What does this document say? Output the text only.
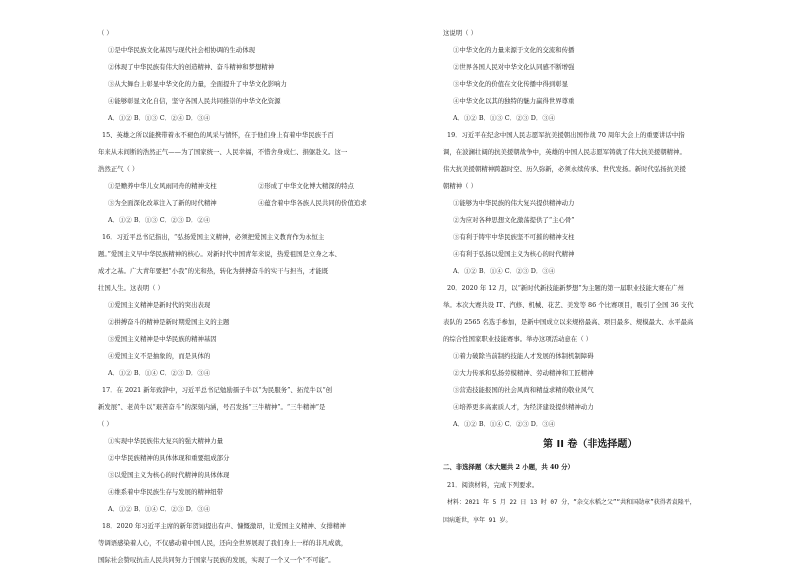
（ ）
①是中华民族文化基因与现代社会相协调的生动体现
②体现了中华民族有伟大的创造精神、奋斗精神和梦想精神
③从大舞台上彰显中华文化的力量，全面提升了中华文化影响力
④能够彰显文化自信，坚守各国人民共同推崇的中华文化资源
A．①② B．①③ C．②④ D．③④
15、英雄之所以能携带着永不褪色的风采与情怀，在于他们身上有着中华民族千百
年来从未间断的浩然正气——为了国家统一、人民幸福，不惜舍身成仁、捐躯赴义。这一
浩然正气（ ）
①是赡养中华儿女风雨同舟的精神支柱	②形成了中华文化博大精深的特点
③为全面深化改革注入了新的时代精神	④蕴含着中华各族人民共同的价值追求
A．①② B．①③ C．②③ D．②④
16．习近平总书记指出，“弘扬爱国主义精神，必须把爱国主义教育作为永恒主
题。”爱国主义早中华民族精神的核心。对新时代中国青年来说，热爱祖国是立身之本、
成才之基。广大青年要把“小我”的光和热，转化为拼搏奋斗的实干与担当，才能既
壮国人生。这表明（ ）
①爱国主义精神是新时代的突出表现
②拼搏奋斗的精神是新时期爱国主义的主题
③爱国主义精神是中华民族的精神基因
④爱国主义不是抽象的，而是具体的
A．①② B．①④ C．②③ D．③④
17．在 2021 新年致辞中，习近平总书记勉励孺子牛以“为民服务”、拓荒牛以“创
新发展”、老黄牛以“艰苦奋斗”的深刻内涵，号召发扬“三牛精神”。“三牛精神”是
（ ）
①实现中华民族伟大复兴的强大精神力量
②中华民族精神的具体体现和重要组成部分
③以爱国主义为核心的时代精神的具体体现
④维系着中华民族生存与发展的精神纽带
A．①② B．①④ C．②③ D．③④
18．2020 年习近平主席的新年贺词提出有声、慷慨激昂，让爱国主义精神、女排精神
等调语感染着人心，不仅感动着中国人民，还向全世界展现了我们身上一样的非凡成就，
国际社会赞叹抗击人民共同努力于国家与民族的发展，实现了一个又一个“不可能”。
这说明（ ）
①中华文化的力量来源于文化的交流和传播
②世界各国人民对中华文化认同感不断增强
③中华文化的价值在文化传播中得到彰显
④中华文化以其的独特的魅力赢得世界尊重
A．①② B．①③ C．②③ D．③④
19．习近平在纪念中国人民志愿军抗美援朝出国作战 70 周年大会上的重要讲话中指
调，在波澜壮阔的抗美援朝战争中，英雄的中国人民志愿军铸就了伟大抗美援朝精神。
伟大抗美援朝精神跨越时空、历久弥新，必须永续传承、世代发扬。新时代弘扬抗美援
朝精神（ ）
①能够为中华民族的伟大复兴提供精神动力
②为应对各种思想文化激荡提供了“主心骨”
③有利于铸牢中华民族坚不可摧的精神支柱
④有利于弘扬以爱国主义为核心的时代精神
A．①② B．①④ C．②③ D．③④
20．2020 年 12 月，以“新时代新技能新梦想”为主题的第一届职业技能大赛在广州
举。本次大赛共设 IT、汽修、机械、花艺、美发等 86 个比赛项目，吸引了全国 36 支代
表队的 2565 名选手参加，是新中国成立以来规格最高、项目最多、规模最大、水平最高
的综合性国家职业技能赛事。举办这项活动意在（ ）
①着力破除当前制约技能人才发展的体制机制障碍
②大力传承和弘扬劳模精神、劳动精神和工匠精神
③营造技能报国的社会风尚和精益求精的敬业风气
④培养更多高素质人才，为经济建设提供精神动力
A．①② B．①④ C．②③ D．③④
第 II 卷（非选择题）
二、非选择题（本大题共 2 小题，共 40 分）
21．阅读材料，完成下列要求。
材料：2021 年 5 月 22 日 13 时 07 分，“杂交水稻之父”“共和国勋章”获得者袁隆平，
因病逝世，享年 91 岁。
